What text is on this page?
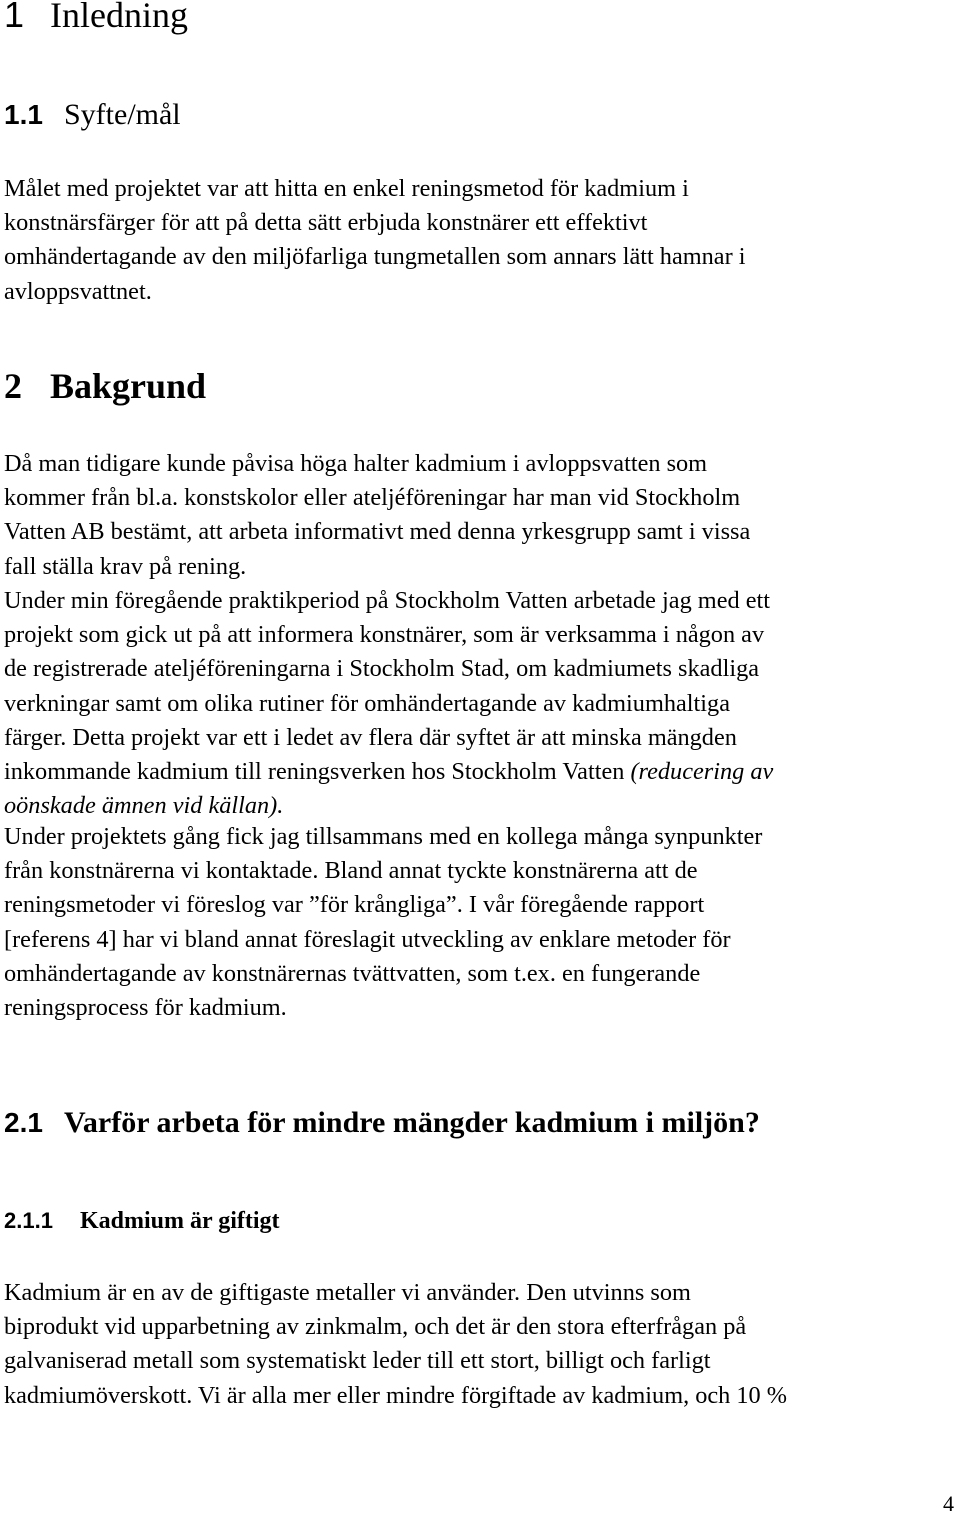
1 Inledning
1.1 Syfte/mål
Målet med projektet var att hitta en enkel reningsmetod för kadmium i
konstnärsfärger för att på detta sätt erbjuda konstnärer ett effektivt
omhändertagande av den miljöfarliga tungmetallen som annars lätt hamnar i
avloppsvattnet.
2 Bakgrund
Då man tidigare kunde påvisa höga halter kadmium i avloppsvatten som
kommer från bl.a. konstskolor eller ateljéföreningar har man vid Stockholm
Vatten AB bestämt, att arbeta informativt med denna yrkesgrupp samt i vissa
fall ställa krav på rening.
Under min föregående praktikperiod på Stockholm Vatten arbetade jag med ett
projekt som gick ut på att informera konstnärer, som är verksamma i någon av
de registrerade ateljéföreningarna i Stockholm Stad, om kadmiumets skadliga
verkningar samt om olika rutiner för omhändertagande av kadmiumhaltiga
färger. Detta projekt var ett i ledet av flera där syftet är att minska mängden
inkommande kadmium till reningsverken hos Stockholm Vatten (reducering av
oönskade ämnen vid källan).
Under projektets gång fick jag tillsammans med en kollega många synpunkter
från konstnärerna vi kontaktade. Bland annat tyckte konstnärerna att de
reningsmetoder vi föreslog var ”för krångliga”. I vår föregående rapport
[referens 4] har vi bland annat föreslagit utveckling av enklare metoder för
omhändertagande av konstnärernas tvättvatten, som t.ex. en fungerande
reningsprocess för kadmium.
2.1 Varför arbeta för mindre mängder kadmium i miljön?
2.1.1 Kadmium är giftigt
Kadmium är en av de giftigaste metaller vi använder. Den utvinns som
biprodukt vid upparbetning av zinkmalm, och det är den stora efterfrågan på
galvaniserad metall som systematiskt leder till ett stort, billigt och farligt
kadmiumöverskott. Vi är alla mer eller mindre förgiftade av kadmium, och 10 %
4
